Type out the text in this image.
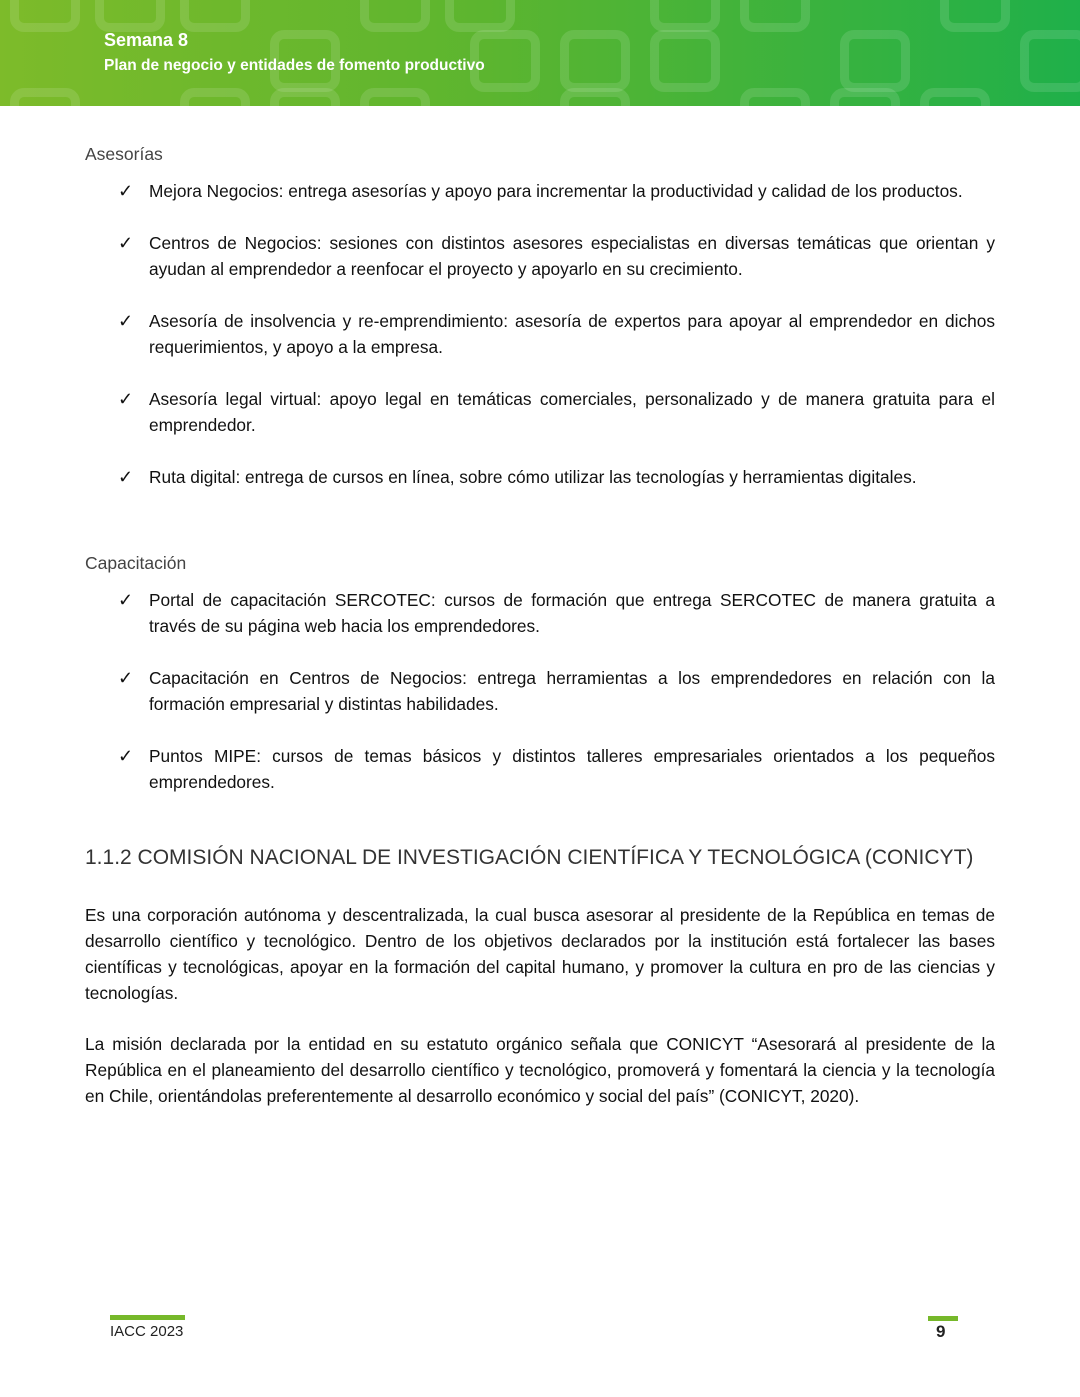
Semana 8
Plan de negocio y entidades de fomento productivo
Asesorías
✓ Mejora Negocios: entrega asesorías y apoyo para incrementar la productividad y calidad de los productos.
✓ Centros de Negocios: sesiones con distintos asesores especialistas en diversas temáticas que orientan y ayudan al emprendedor a reenfocar el proyecto y apoyarlo en su crecimiento.
✓ Asesoría de insolvencia y re-emprendimiento: asesoría de expertos para apoyar al emprendedor en dichos requerimientos, y apoyo a la empresa.
✓ Asesoría legal virtual: apoyo legal en temáticas comerciales, personalizado y de manera gratuita para el emprendedor.
✓ Ruta digital: entrega de cursos en línea, sobre cómo utilizar las tecnologías y herramientas digitales.
Capacitación
✓ Portal de capacitación SERCOTEC: cursos de formación que entrega SERCOTEC de manera gratuita a través de su página web hacia los emprendedores.
✓ Capacitación en Centros de Negocios: entrega herramientas a los emprendedores en relación con la formación empresarial y distintas habilidades.
✓ Puntos MIPE: cursos de temas básicos y distintos talleres empresariales orientados a los pequeños emprendedores.
1.1.2 COMISIÓN NACIONAL DE INVESTIGACIÓN CIENTÍFICA Y TECNOLÓGICA (CONICYT)

Es una corporación autónoma y descentralizada, la cual busca asesorar al presidente de la República en temas de desarrollo científico y tecnológico. Dentro de los objetivos declarados por la institución está fortalecer las bases científicas y tecnológicas, apoyar en la formación del capital humano, y promover la cultura en pro de las ciencias y tecnologías.

La misión declarada por la entidad en su estatuto orgánico señala que CONICYT “Asesorará al presidente de la República en el planeamiento del desarrollo científico y tecnológico, promoverá y fomentará la ciencia y la tecnología en Chile, orientándolas preferentemente al desarrollo económico y social del país” (CONICYT, 2020).

IACC 2023	9
